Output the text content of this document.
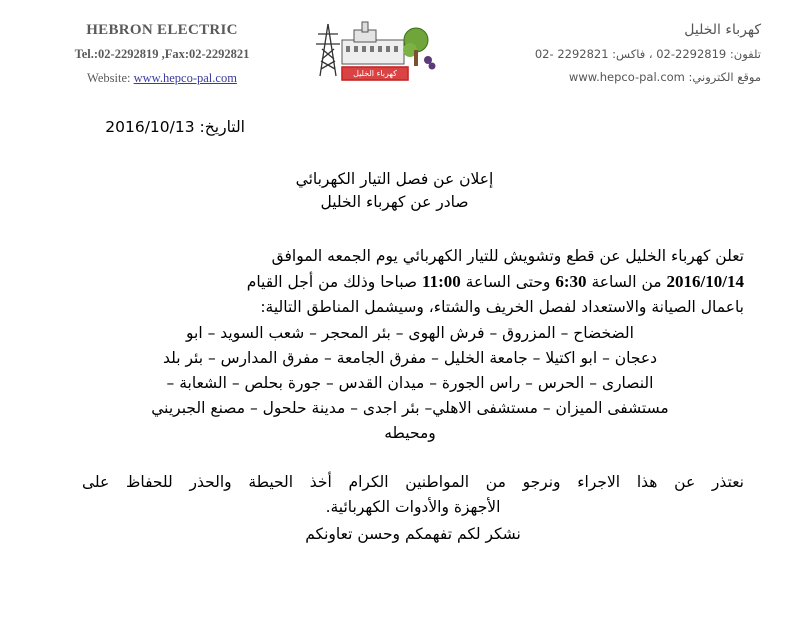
HEBRON ELECTRIC
Tel.:02-2292819 ,Fax:02-2292821
Website: www.hepco-pal.com	كهرباء الخليل
كهرباء الخليل
تلفون: 2292819-02 ، فاكس: 2292821 -02
موقع الكتروني: www.hepco-pal.com
التاريخ: 2016/10/13
إعلان عن فصل التيار الكهربائي
صادر عن كهرباء الخليل
تعلن كهرباء الخليل عن قطع وتشويش للتيار الكهربائي يوم الجمعه الموافق
2016/10/14 من الساعة 6:30 وحتى الساعة 11:00 صباحا وذلك من أجل القيام
باعمال الصيانة والاستعداد لفصل الخريف والشتاء، وسيشمل المناطق التالية:
الضخضاح – المزروق – فرش الهوى – بئر المحجر – شعب السويد – ابو
دعجان – ابو اكتيلا – جامعة الخليل – مفرق الجامعة – مفرق المدارس – بئر بلد
النصارى – الحرس – راس الجورة – ميدان القدس – جورة بحلص – الشعابة –
مستشفى الميزان – مستشفى الاهلي– بئر اجدى – مدينة حلحول – مصنع الجبريني
ومحيطه
نعتذر عن هذا الاجراء ونرجو من المواطنين الكرام أخذ الحيطة والحذر للحفاظ على
الأجهزة والأدوات الكهربائية.
نشكر لكم تفهمكم وحسن تعاونكم
